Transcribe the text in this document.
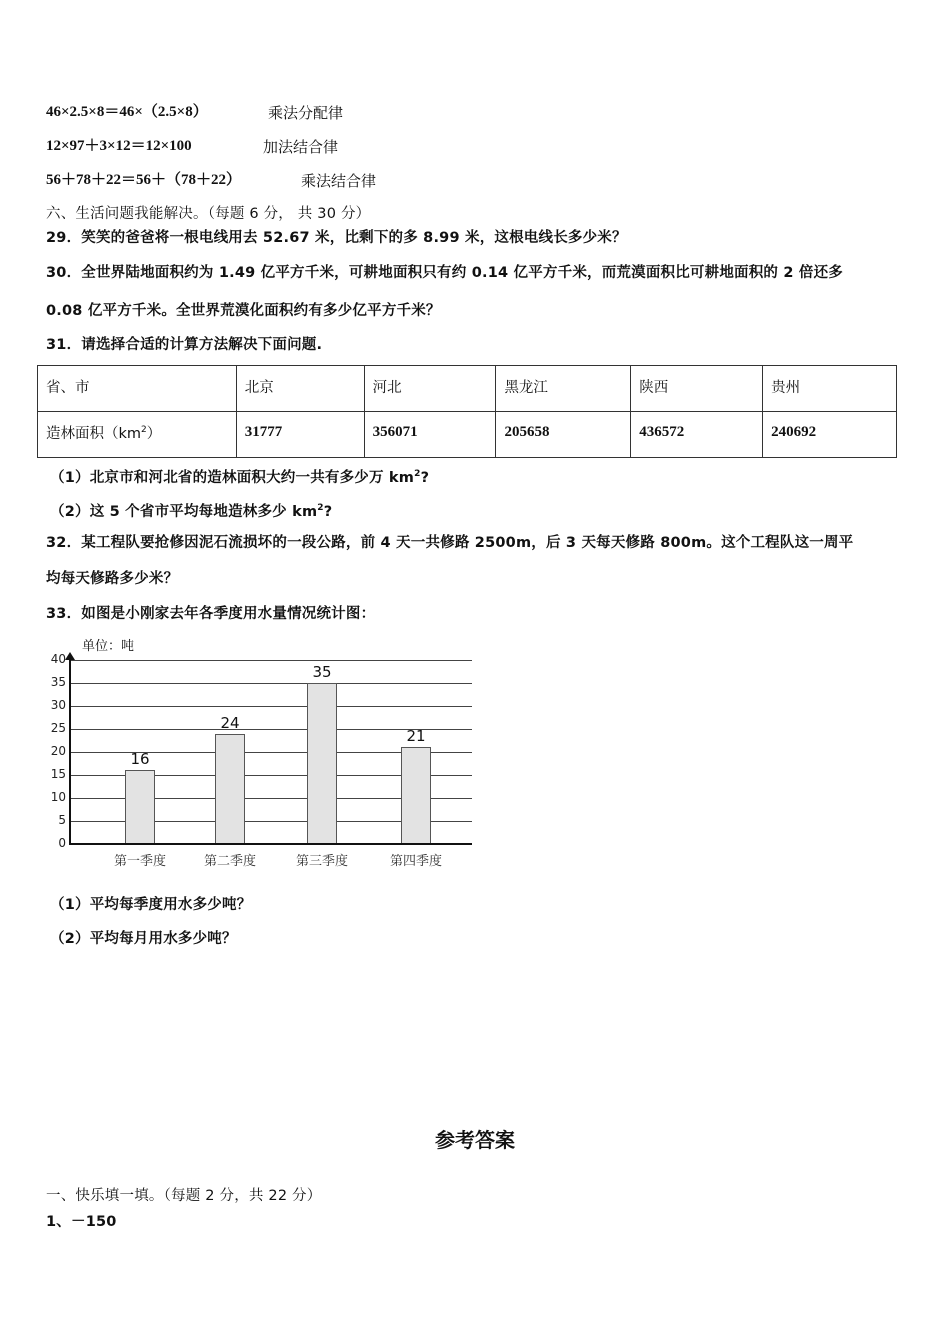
46×2.5×8＝46×（2.5×8）	乘法分配律
12×97＋3×12＝12×100	加法结合律
56＋78＋22＝56＋（78＋22）	乘法结合律
六、生活问题我能解决。（每题 6 分， 共 30 分）
29．笑笑的爸爸将一根电线用去 52.67 米，比剩下的多 8.99 米，这根电线长多少米？
30．全世界陆地面积约为 1.49 亿平方千米，可耕地面积只有约 0.14 亿平方千米，而荒漠面积比可耕地面积的 2 倍还多
0.08 亿平方千米。全世界荒漠化面积约有多少亿平方千米？
31．请选择合适的计算方法解决下面问题.
省、市	北京	河北	黑龙江	陕西	贵州
造林面积$(km^2)$	31777	356071	205658	436572	240692
（1）北京市和河北省的造林面积大约一共有多少万 $km^2$?
（2）这 5 个省市平均每地造林多少 $km^2$?
32．某工程队要抢修因泥石流损坏的一段公路，前 4 天一共修路 2500m，后 3 天每天修路 800m。这个工程队这一周平
均每天修路多少米？
33．如图是小刚家去年各季度用水量情况统计图：
单位：吨
0
5
10
15
20
25
30
35
40
16
第一季度
24
第二季度
35
第三季度
21
第四季度
（1）平均每季度用水多少吨？
（2）平均每月用水多少吨？
参考答案
一、快乐填一填。（每题 2 分，共 22 分）
1、－150
